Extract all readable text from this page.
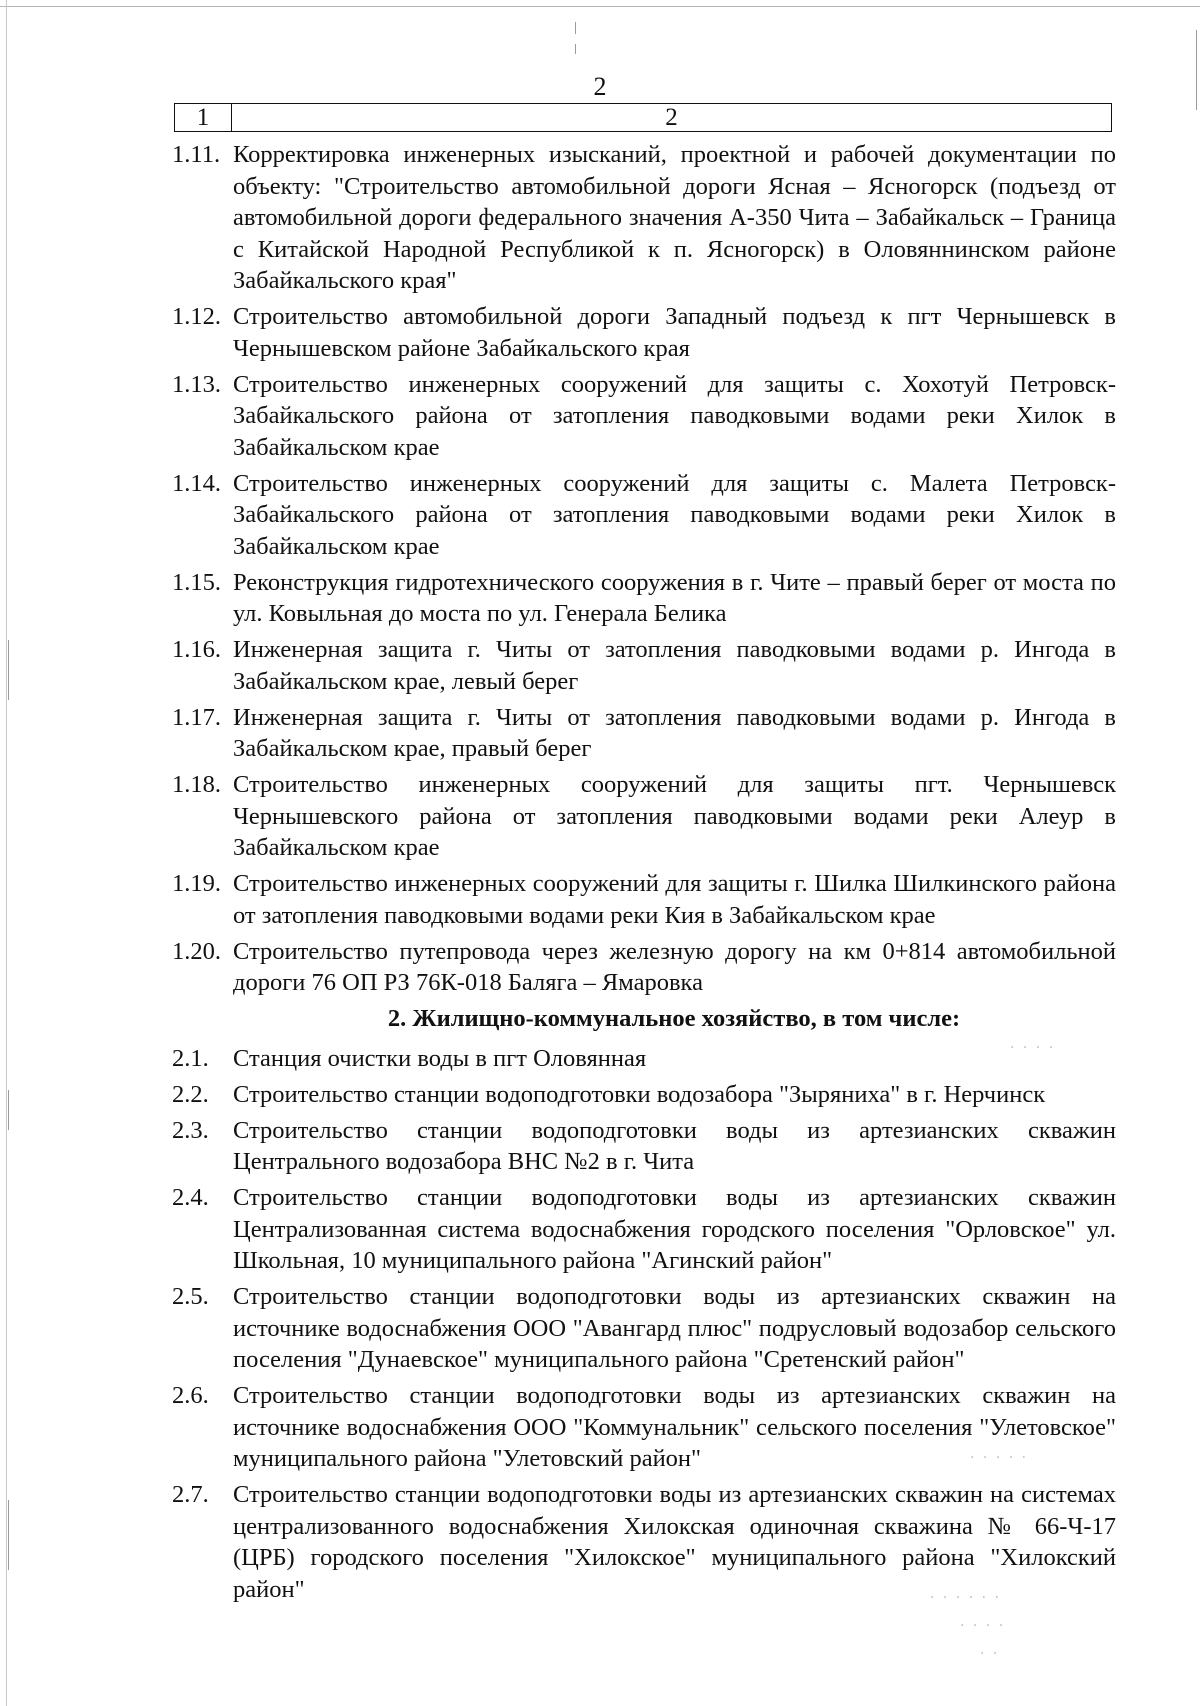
· · · ·
· · · · ·
· · · · · ·
· · · ·
· ·
2
1	2
1.11. Корректировка инженерных изысканий, проектной и рабочей документации по объекту: "Строительство автомобильной дороги Ясная – Ясногорск (подъезд от автомобильной дороги федерального значения А-350 Чита – Забайкальск – Граница с Китайской Народной Республикой к п. Ясногорск) в Оловяннинском районе Забайкальского края"
1.12. Строительство автомобильной дороги Западный подъезд к пгт Чернышевск в Чернышевском районе Забайкальского края
1.13. Строительство инженерных сооружений для защиты с. Хохотуй Петровск-Забайкальского района от затопления паводковыми водами реки Хилок в Забайкальском крае
1.14. Строительство инженерных сооружений для защиты с. Малета Петровск- Забайкальского района от затопления паводковыми водами реки Хилок в Забайкальском крае
1.15. Реконструкция гидротехнического сооружения в г. Чите – правый берег от моста по ул. Ковыльная до моста по ул. Генерала Белика
1.16. Инженерная защита г. Читы от затопления паводковыми водами р. Ингода в Забайкальском крае, левый берег
1.17. Инженерная защита г. Читы от затопления паводковыми водами р. Ингода в Забайкальском крае, правый берег
1.18. Строительство инженерных сооружений для защиты пгт. Чернышевск Чернышевского района от затопления паводковыми водами реки Алеур в Забайкальском крае
1.19. Строительство инженерных сооружений для защиты г. Шилка Шилкинского района от затопления паводковыми водами реки Кия в Забайкальском крае
1.20. Строительство путепровода через железную дорогу на км 0+814 автомобильной дороги 76 ОП РЗ 76К-018 Баляга – Ямаровка
2. Жилищно-коммунальное хозяйство, в том числе:
2.1. Станция очистки воды в пгт Оловянная
2.2. Строительство станции водоподготовки водозабора "Зыряниха" в г. Нерчинск
2.3. Строительство станции водоподготовки воды из артезианских скважин Центрального водозабора ВНС №2 в г. Чита
2.4. Строительство станции водоподготовки воды из артезианских скважин Централизованная система водоснабжения городского поселения "Орловское" ул. Школьная, 10 муниципального района "Агинский район"
2.5. Строительство станции водоподготовки воды из артезианских скважин на источнике водоснабжения ООО "Авангард плюс" подрусловый водозабор сельского поселения "Дунаевское" муниципального района "Сретенский район"
2.6. Строительство станции водоподготовки воды из артезианских скважин на источнике водоснабжения ООО "Коммунальник" сельского поселения "Улетовское" муниципального района "Улетовский район"
2.7. Строительство станции водоподготовки воды из артезианских скважин на системах централизованного водоснабжения Хилокская одиночная скважина № 66-Ч-17 (ЦРБ) городского поселения "Хилокское" муниципального района "Хилокский район"
